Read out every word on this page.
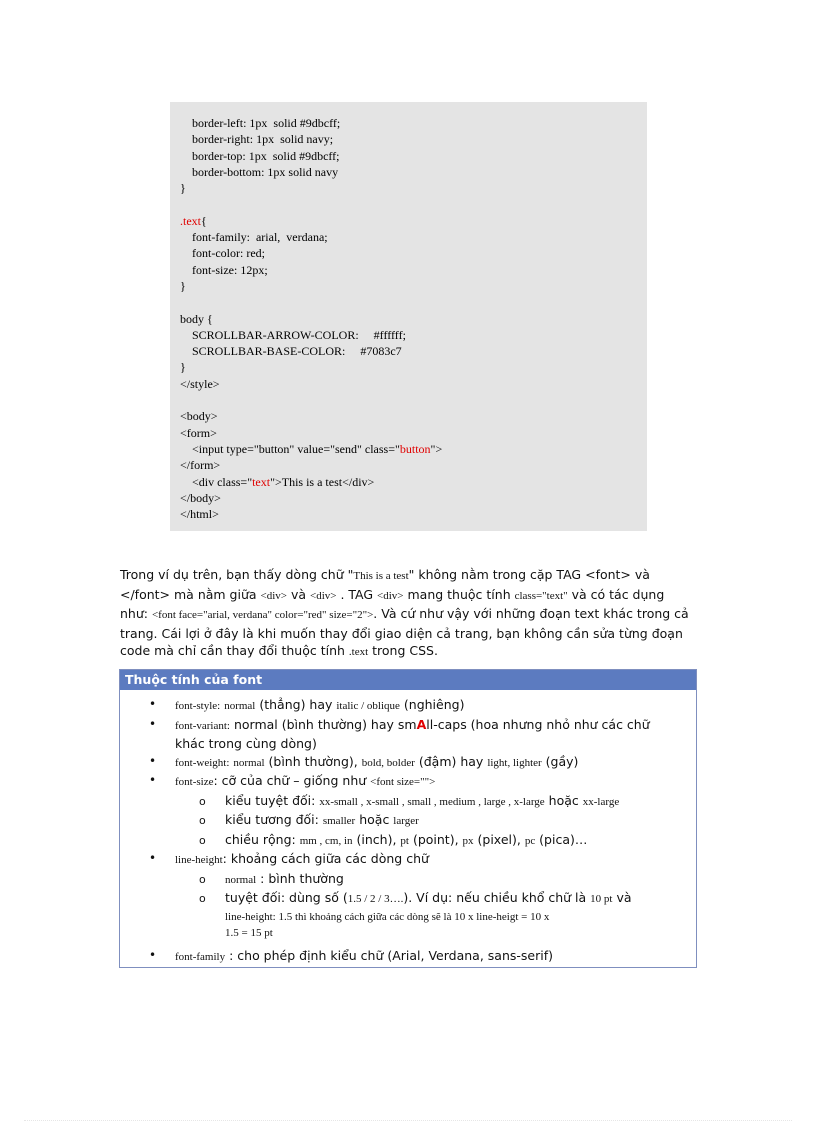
border-left: 1px  solid #9dbcff;
border-right: 1px  solid navy;
border-top: 1px  solid #9dbcff;
border-bottom: 1px solid navy
}
.text{
font-family:  arial,  verdana;
font-color: red;
font-size: 12px;
}
body {
SCROLLBAR-ARROW-COLOR:     #ffffff;
SCROLLBAR-BASE-COLOR:     #7083c7
}
</style>
<body>
<form>
<input type="button" value="send" class="button">
</form>
<div class="text">This is a test</div>
</body>
</html>
Trong ví dụ trên, bạn thấy dòng chữ "This is a test" không nằm trong cặp TAG <font> và </font> mà nằm giữa <div> và <div> . TAG <div> mang thuộc tính class="text" và có tác dụng như: <font face="arial, verdana" color="red" size="2">. Và cứ như vậy với những đoạn text khác trong cả trang. Cái lợi ở đây là khi muốn thay đổi giao diện cả trang, bạn không cần sửa từng đoạn code mà chỉ cần thay đổi thuộc tính .text trong CSS.
Thuộc tính của font
• font-style: normal (thẳng) hay italic / oblique (nghiêng)
• font-variant: normal (bình thường) hay smAll-caps (hoa nhưng nhỏ như các chữ khác trong cùng dòng)
• font-weight: normal (bình thường), bold, bolder (đậm) hay light, lighter (gầy)
• font-size: cỡ của chữ – giống như <font size="">
o kiểu tuyệt đối: xx-small , x-small , small , medium , large , x-large hoặc xx-large
o kiểu tương đối: smaller hoặc larger
o chiều rộng: mm , cm, in (inch), pt (point), px (pixel), pc (pica)…
• line-height: khoảng cách giữa các dòng chữ
o normal : bình thường
o tuyệt đối: dùng số (1.5 / 2 / 3….). Ví dụ: nếu chiều khổ chữ là 10 pt và
line-height: 1.5 thì khoảng cách giữa các dòng sẽ là 10 x line-heigt = 10 x
1.5 = 15 pt
• font-family : cho phép định kiểu chữ (Arial, Verdana, sans-serif)
